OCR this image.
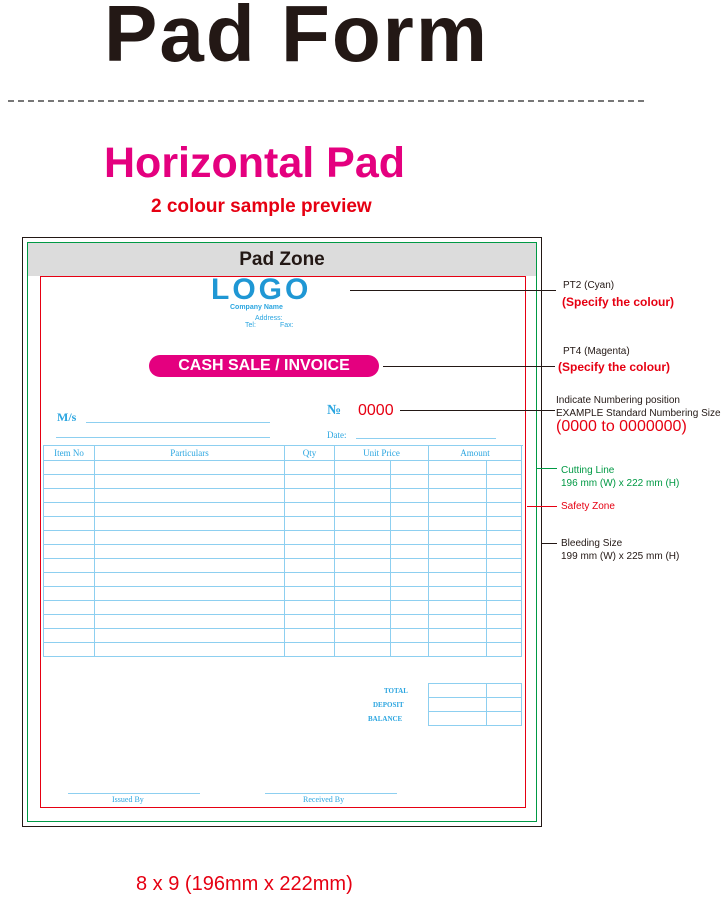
Pad Form
Horizontal Pad
2 colour sample preview
Pad Zone
LOGO
Company Name
Address:
Tel:	Fax:
CASH SALE / INVOICE
M/s	№ 0000
Date:
Item No	Particulars	Qty	Unit Price		Amount	

TOTAL
DEPOSIT
BALANCE

Issued By	Received By
PT2 (Cyan)
(Specify the colour)
PT4 (Magenta)
(Specify the colour)
Indicate Numbering position
EXAMPLE Standard Numbering Size
(0000 to 0000000)
Cutting Line
196 mm (W) x 222 mm (H)
Safety Zone
Bleeding Size
199 mm (W) x 225 mm (H)
8 x 9 (196mm x 222mm)
